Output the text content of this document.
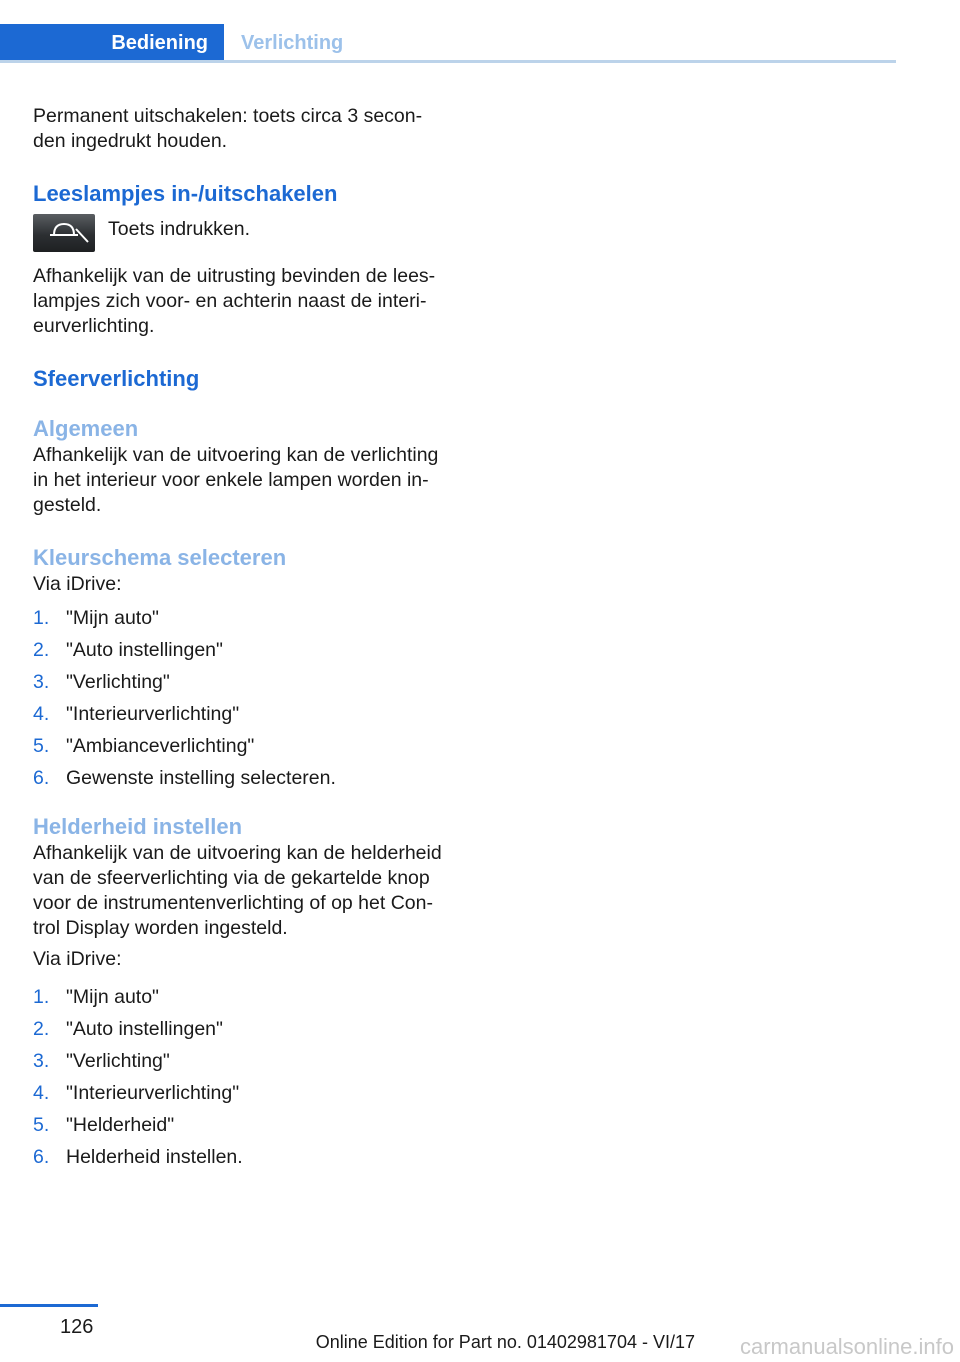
Bediening	Verlichting

Permanent uitschakelen: toets circa 3 secon‐

den ingedrukt houden.

Leeslampjes in-/uitschakelen
Toets indrukken.

Afhankelijk van de uitrusting bevinden de lees‐

lampjes zich voor- en achterin naast de interi‐

eurverlichting.

Sfeerverlichting
Algemeen

Afhankelijk van de uitvoering kan de verlichting

in het interieur voor enkele lampen worden in‐

gesteld.

Kleurschema selecteren

Via iDrive:

1. "Mijn auto"
2. "Auto instellingen"
3. "Verlichting"
4. "Interieurverlichting"
5. "Ambianceverlichting"
6. Gewenste instelling selecteren.
Helderheid instellen

Afhankelijk van de uitvoering kan de helderheid

van de sfeerverlichting via de gekartelde knop

voor de instrumentenverlichting of op het Con‐

trol Display worden ingesteld.

Via iDrive:

1. "Mijn auto"
2. "Auto instellingen"
3. "Verlichting"
4. "Interieurverlichting"
5. "Helderheid"
6. Helderheid instellen.
126
Online Edition for Part no. 01402981704 - VI/17 carmanualsonline.info
